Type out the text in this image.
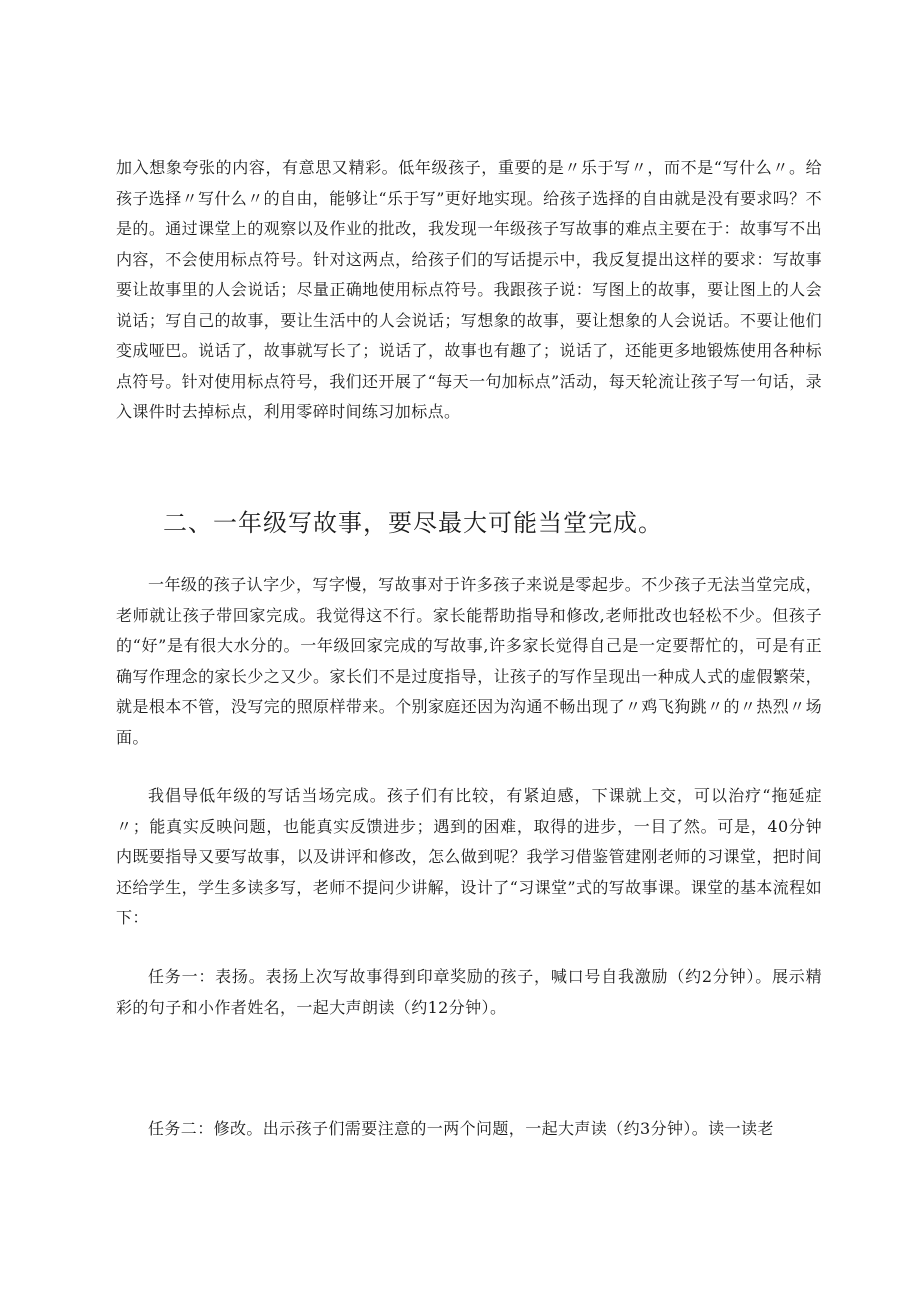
加入想象夸张的内容，有意思又精彩。低年级孩子，重要的是〃乐于写〃，而不是“写什么〃。给孩子选择〃写什么〃的自由，能够让“乐于写”更好地实现。给孩子选择的自由就是没有要求吗？不是的。通过课堂上的观察以及作业的批改，我发现一年级孩子写故事的难点主要在于：故事写不出内容，不会使用标点符号。针对这两点，给孩子们的写话提示中，我反复提出这样的要求：写故事要让故事里的人会说话；尽量正确地使用标点符号。我跟孩子说：写图上的故事，要让图上的人会说话；写自己的故事，要让生活中的人会说话；写想象的故事，要让想象的人会说话。不要让他们变成哑巴。说话了，故事就写长了；说话了，故事也有趣了；说话了，还能更多地锻炼使用各种标点符号。针对使用标点符号，我们还开展了“每天一句加标点”活动，每天轮流让孩子写一句话，录入课件时去掉标点，利用零碎时间练习加标点。

二、一年级写故事，要尽最大可能当堂完成。

一年级的孩子认字少，写字慢，写故事对于许多孩子来说是零起步。不少孩子无法当堂完成，老师就让孩子带回家完成。我觉得这不行。家长能帮助指导和修改,老师批改也轻松不少。但孩子的“好”是有很大水分的。一年级回家完成的写故事,许多家长觉得自己是一定要帮忙的，可是有正确写作理念的家长少之又少。家长们不是过度指导，让孩子的写作呈现出一种成人式的虚假繁荣，就是根本不管，没写完的照原样带来。个别家庭还因为沟通不畅出现了〃鸡飞狗跳〃的〃热烈〃场面。

我倡导低年级的写话当场完成。孩子们有比较，有紧迫感，下课就上交，可以治疗“拖延症〃；能真实反映问题，也能真实反馈进步；遇到的困难，取得的进步，一目了然。可是，40分钟内既要指导又要写故事，以及讲评和修改，怎么做到呢？我学习借鉴管建刚老师的习课堂，把时间还给学生，学生多读多写，老师不提问少讲解，设计了“习课堂”式的写故事课。课堂的基本流程如下：

任务一：表扬。表扬上次写故事得到印章奖励的孩子，喊口号自我激励（约2分钟）。展示精彩的句子和小作者姓名，一起大声朗读（约12分钟）。

任务二：修改。出示孩子们需要注意的一两个问题，一起大声读（约3分钟）。读一读老
